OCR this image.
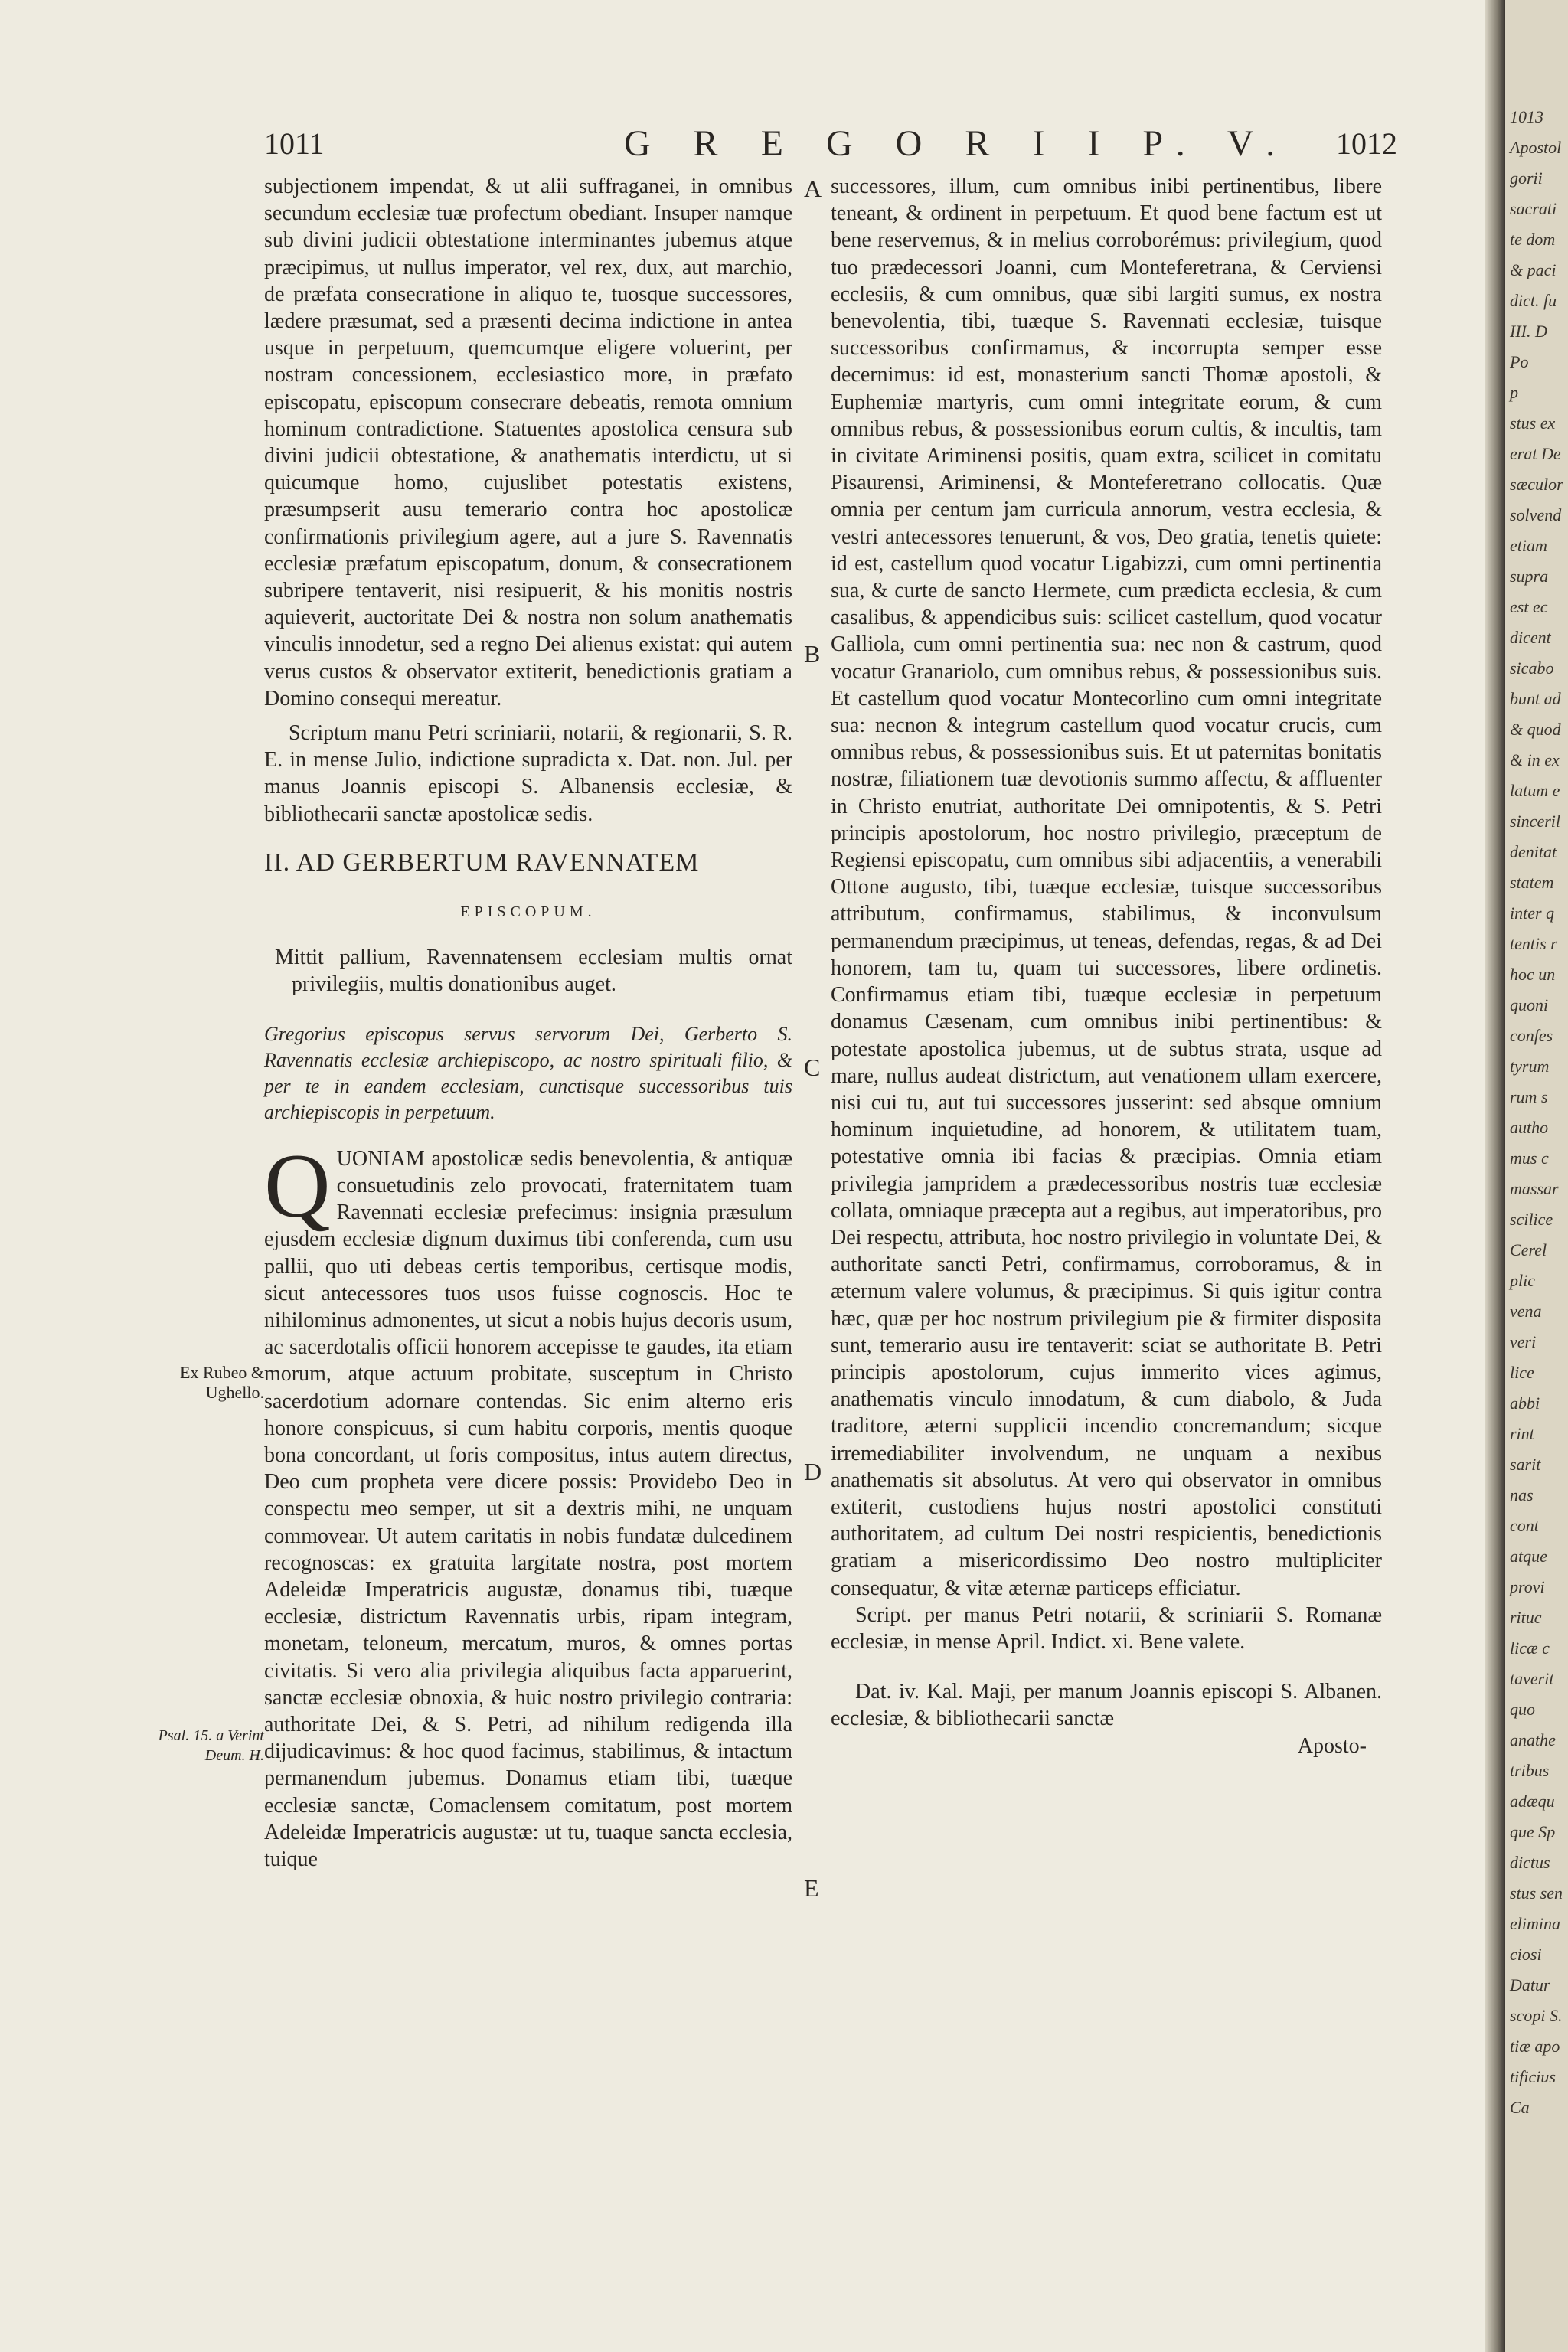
1011	G R E G O R I I P. V. 1012

subjectionem impendat, & ut alii suffraganei, in omnibus secundum ecclesiæ tuæ profectum obediant. Insuper namque sub divini judicii obtestatione interminantes jubemus atque præcipimus, ut nullus imperator, vel rex, dux, aut marchio, de præfata consecratione in aliquo te, tuosque successores, lædere præsumat, sed a præsenti decima indictione in antea usque in perpetuum, quemcumque eligere voluerint, per nostram concessionem, ecclesiastico more, in præfato episcopatu, episcopum consecrare debeatis, remota omnium hominum contradictione. Statuentes apostolica censura sub divini judicii obtestatione, & anathematis interdictu, ut si quicumque homo, cujuslibet potestatis existens, præsumpserit ausu temerario contra hoc apostolicæ confirmationis privilegium agere, aut a jure S. Ravennatis ecclesiæ præfatum episcopatum, donum, & consecrationem subripere tentaverit, nisi resipuerit, & his monitis nostris aquieverit, auctoritate Dei & nostra non solum anathematis vinculis innodetur, sed a regno Dei alienus existat: qui autem verus custos & observator extiterit, benedictionis gratiam a Domino consequi mereatur.

Scriptum manu Petri scriniarii, notarii, & regionarii, S. R. E. in mense Julio, indictione supradicta x. Dat. non. Jul. per manus Joannis episcopi S. Albanensis ecclesiæ, & bibliothecarii sanctæ apostolicæ sedis.

II. AD GERBERTUM RAVENNATEM

EPISCOPUM.

Mittit pallium, Ravennatensem ecclesiam multis ornat privilegiis, multis donationibus auget.

Gregorius episcopus servus servorum Dei, Gerberto S. Ravennatis ecclesiæ archiepiscopo, ac nostro spirituali filio, & per te in eandem ecclesiam, cunctisque successoribus tuis archiepiscopis in perpetuum.

QUONIAM apostolicæ sedis benevolentia, & antiquæ consuetudinis zelo provocati, fraternitatem tuam Ravennati ecclesiæ prefecimus: insignia præsulum ejusdem ecclesiæ dignum duximus tibi conferenda, cum usu pallii, quo uti debeas certis temporibus, certisque modis, sicut antecessores tuos usos fuisse cognoscis. Hoc te nihilominus admonentes, ut sicut a nobis hujus decoris usum, ac sacerdotalis officii honorem accepisse te gaudes, ita etiam morum, atque actuum probitate, susceptum in Christo sacerdotium adornare contendas. Sic enim alterno eris honore conspicuus, si cum habitu corporis, mentis quoque bona concordant, ut foris compositus, intus autem directus, Deo cum propheta vere dicere possis: Providebo Deo in conspectu meo semper, ut sit a dextris mihi, ne unquam commovear. Ut autem caritatis in nobis fundatæ dulcedinem recognoscas: ex gratuita largitate nostra, post mortem Adeleidæ Imperatricis augustæ, donamus tibi, tuæque ecclesiæ, districtum Ravennatis urbis, ripam integram, monetam, teloneum, mercatum, muros, & omnes portas civitatis. Si vero alia privilegia aliquibus facta apparuerint, sanctæ ecclesiæ obnoxia, & huic nostro privilegio contraria: authoritate Dei, & S. Petri, ad nihilum redigenda illa dijudicavimus: & hoc quod facimus, stabilimus, & intactum permanendum jubemus. Donamus etiam tibi, tuæque ecclesiæ sanctæ, Comaclensem comitatum, post mortem Adeleidæ Imperatricis augustæ: ut tu, tuaque sancta ecclesia, tuique

successores, illum, cum omnibus inibi pertinentibus, libere teneant, & ordinent in perpetuum. Et quod bene factum est ut bene reservemus, & in melius corroborémus: privilegium, quod tuo prædecessori Joanni, cum Monteferetrana, & Cerviensi ecclesiis, & cum omnibus, quæ sibi largiti sumus, ex nostra benevolentia, tibi, tuæque S. Ravennati ecclesiæ, tuisque successoribus confirmamus, & incorrupta semper esse decernimus: id est, monasterium sancti Thomæ apostoli, & Euphemiæ martyris, cum omni integritate eorum, & cum omnibus rebus, & possessionibus eorum cultis, & incultis, tam in civitate Ariminensi positis, quam extra, scilicet in comitatu Pisaurensi, Ariminensi, & Monteferetrano collocatis. Quæ omnia per centum jam curricula annorum, vestra ecclesia, & vestri antecessores tenuerunt, & vos, Deo gratia, tenetis quiete: id est, castellum quod vocatur Ligabizzi, cum omni pertinentia sua, & curte de sancto Hermete, cum prædicta ecclesia, & cum casalibus, & appendicibus suis: scilicet castellum, quod vocatur Galliola, cum omni pertinentia sua: nec non & castrum, quod vocatur Granariolo, cum omnibus rebus, & possessionibus suis. Et castellum quod vocatur Montecorlino cum omni integritate sua: necnon & integrum castellum quod vocatur crucis, cum omnibus rebus, & possessionibus suis. Et ut paternitas bonitatis nostræ, filiationem tuæ devotionis summo affectu, & affluenter in Christo enutriat, authoritate Dei omnipotentis, & S. Petri principis apostolorum, hoc nostro privilegio, præceptum de Regiensi episcopatu, cum omnibus sibi adjacentiis, a venerabili Ottone augusto, tibi, tuæque ecclesiæ, tuisque successoribus attributum, confirmamus, stabilimus, & inconvulsum permanendum præcipimus, ut teneas, defendas, regas, & ad Dei honorem, tam tu, quam tui successores, libere ordinetis. Confirmamus etiam tibi, tuæque ecclesiæ in perpetuum donamus Cæsenam, cum omnibus inibi pertinentibus: & potestate apostolica jubemus, ut de subtus strata, usque ad mare, nullus audeat districtum, aut venationem ullam exercere, nisi cui tu, aut tui successores jusserint: sed absque omnium hominum inquietudine, ad honorem, & utilitatem tuam, potestative omnia ibi facias & præcipias. Omnia etiam privilegia jampridem a prædecessoribus nostris tuæ ecclesiæ collata, omniaque præcepta aut a regibus, aut imperatoribus, pro Dei respectu, attributa, hoc nostro privilegio in voluntate Dei, & authoritate sancti Petri, confirmamus, corroboramus, & in æternum valere volumus, & præcipimus. Si quis igitur contra hæc, quæ per hoc nostrum privilegium pie & firmiter disposita sunt, temerario ausu ire tentaverit: sciat se authoritate B. Petri principis apostolorum, cujus immerito vices agimus, anathematis vinculo innodatum, & cum diabolo, & Juda traditore, æterni supplicii incendio concremandum; sicque irremediabiliter involvendum, ne unquam a nexibus anathematis sit absolutus. At vero qui observator in omnibus extiterit, custodiens hujus nostri apostolici constituti authoritatem, ad cultum Dei nostri respicientis, benedictionis gratiam a misericordissimo Deo nostro multipliciter consequatur, & vitæ æternæ particeps efficiatur.

Script. per manus Petri notarii, & scriniarii S. Romanæ ecclesiæ, in mense April. Indict. xi. Bene valete.

Dat. iv. Kal. Maji, per manum Joannis episcopi S. Albanen. ecclesiæ, & bibliothecarii sanctæ

Aposto-

A
B
C
D
E
Ex Rubeo & Ughello.
Psal. 15. a Verint Deum. H.
1013
Apostol
gorii
sacrati
te dom
& paci
dict. fu
III. D
Po
p
stus ex
erat De
sæculor
solvend
etiam
supra
est ec
dicent
sicabo
bunt ad
& quod
& in ex
latum e
sinceril
denitat
statem
inter q
tentis r
hoc un
quoni
confes
tyrum
rum s
autho
mus c
massar
scilice
Cerel
plic
vena
veri
lice
abbi
rint
sarit
nas
cont
atque
provi
rituc
licæ c
taverit
quo
anathe
tribus
adæqu
que Sp
dictus
stus sen
elimina
ciosi
Datur
scopi S.
tiæ apo
tificius
Ca
